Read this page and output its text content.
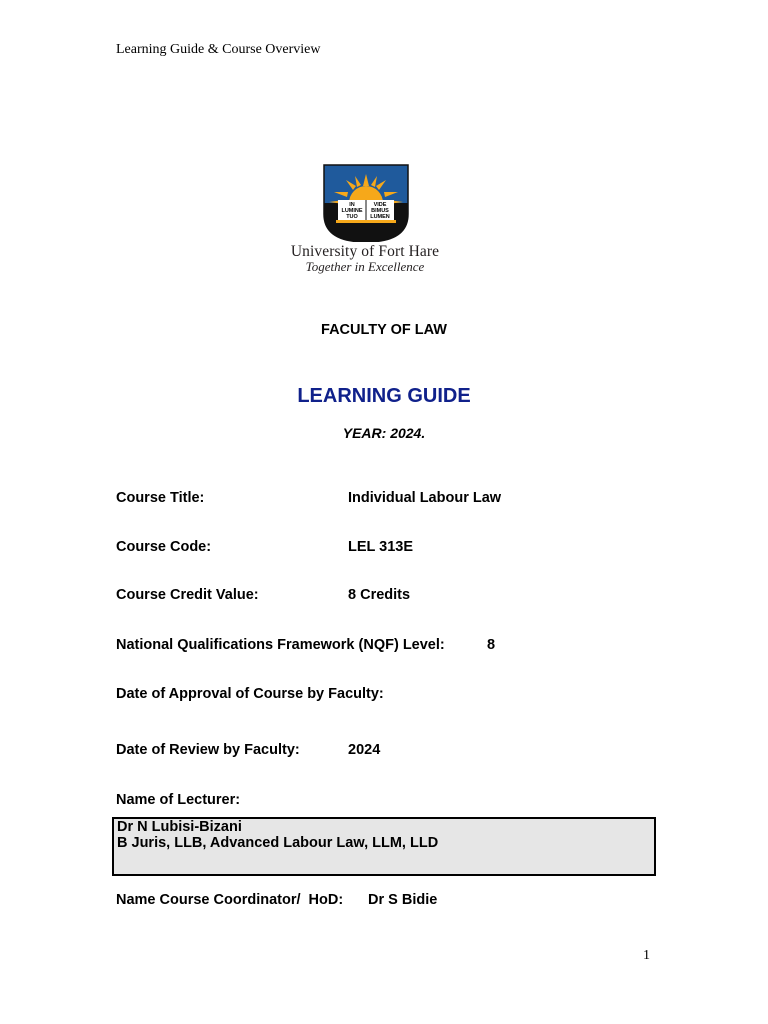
Learning Guide & Course Overview
IN
LUMINE
TUO
VIDE
BIMUS
LUMEN
University of Fort Hare
Together in Excellence
FACULTY OF LAW
LEARNING GUIDE
YEAR: 2024.
Course Title:	Individual Labour Law
Course Code:	LEL 313E
Course Credit Value:	8 Credits
National Qualifications Framework (NQF) Level:	8
Date of Approval of Course by Faculty:
Date of Review by Faculty:	2024
Name of Lecturer:
Dr N Lubisi-Bizani
B Juris, LLB, Advanced Labour Law, LLM, LLD
Name Course Coordinator/  HoD: Dr S Bidie
1
